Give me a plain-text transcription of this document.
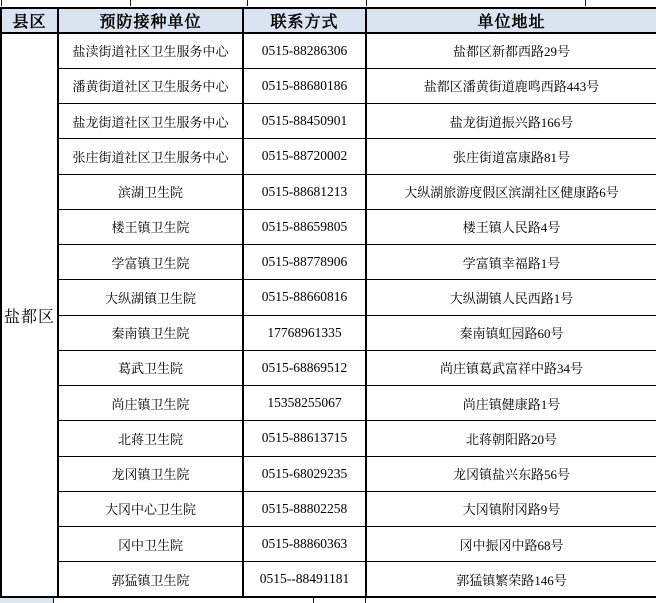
县区	预防接种单位	联系方式	单位地址
盐都区	盐渎街道社区卫生服务中心	0515-88286306	盐都区新都西路29号
	潘黄街道社区卫生服务中心	0515-88680186	盐都区潘黄街道鹿鸣西路443号
	盐龙街道社区卫生服务中心	0515-88450901	盐龙街道振兴路166号
	张庄街道社区卫生服务中心	0515-88720002	张庄街道富康路81号
	滨湖卫生院	0515-88681213	大纵湖旅游度假区滨湖社区健康路6号
	楼王镇卫生院	0515-88659805	楼王镇人民路4号
	学富镇卫生院	0515-88778906	学富镇幸福路1号
	大纵湖镇卫生院	0515-88660816	大纵湖镇人民西路1号
	秦南镇卫生院	17768961335	秦南镇虹园路60号
	葛武卫生院	0515-68869512	尚庄镇葛武富祥中路34号
	尚庄镇卫生院	15358255067	尚庄镇健康路1号
	北蒋卫生院	0515-88613715	北蒋朝阳路20号
	龙冈镇卫生院	0515-68029235	龙冈镇盐兴东路56号
	大冈中心卫生院	0515-88802258	大冈镇附冈路9号
	冈中卫生院	0515-88860363	冈中振冈中路68号
	郭猛镇卫生院	0515--88491181	郭猛镇繁荣路146号
